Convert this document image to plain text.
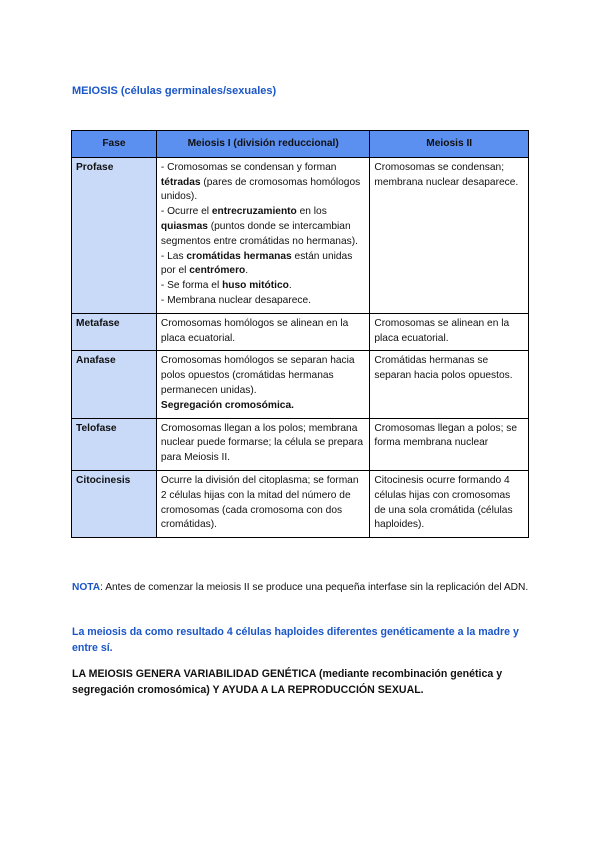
MEIOSIS (células germinales/sexuales)
Fase	Meiosis I (división reduccional)	Meiosis II
Profase	- Cromosomas se condensan y forman tétradas (pares de cromosomas homólogos unidos).
- Ocurre el entrecruzamiento en los quiasmas (puntos donde se intercambian segmentos entre cromátidas no hermanas).
- Las cromátidas hermanas están unidas por el centrómero.
- Se forma el huso mitótico.
- Membrana nuclear desaparece.	Cromosomas se condensan; membrana nuclear desaparece.

Metafase	Cromosomas homólogos se alinean en la placa ecuatorial.	Cromosomas se alinean en la placa ecuatorial.

Anafase	Cromosomas homólogos se separan hacia polos opuestos (cromátidas hermanas permanecen unidas).
Segregación cromosómica.	Cromátidas hermanas se separan hacia polos opuestos.

Telofase	Cromosomas llegan a los polos; membrana nuclear puede formarse; la célula se prepara para Meiosis II.	Cromosomas llegan a polos; se forma membrana nuclear

Citocinesis	Ocurre la división del citoplasma; se forman 2 células hijas con la mitad del número de cromosomas (cada cromosoma con dos cromátidas).	Citocinesis ocurre formando 4 células hijas con cromosomas de una sola cromátida (células haploides).
NOTA: Antes de comenzar la meiosis II se produce una pequeña interfase sin la replicación del ADN.
La meiosis da como resultado 4 células haploides diferentes genéticamente a la madre y entre sí.
LA MEIOSIS GENERA VARIABILIDAD GENÉTICA (mediante recombinación genética y segregación cromosómica) Y AYUDA A LA REPRODUCCIÓN SEXUAL.
